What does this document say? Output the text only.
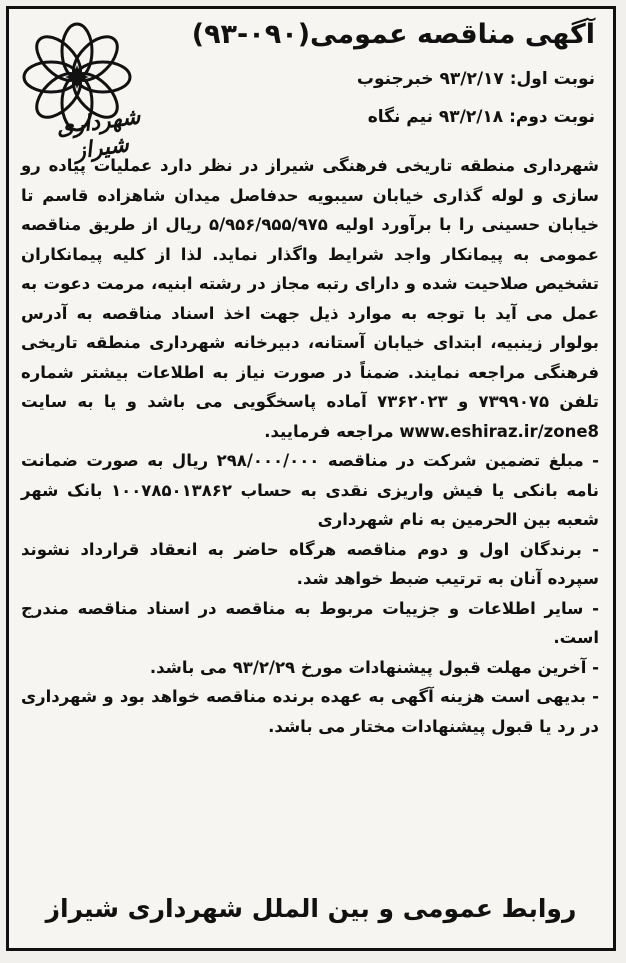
شهرداری شیراز
آگهی مناقصه عمومی(۰۹۰-۹۳)
نوبت اول: ۹۳/۲/۱۷ خبرجنوب
نوبت دوم: ۹۳/۲/۱۸ نیم نگاه

شهرداری منطقه تاریخی فرهنگی شیراز در نظر دارد عملیات پیاده رو سازی و لوله گذاری خیابان سیبویه حدفاصل میدان شاهزاده قاسم تا خیابان حسینی را با برآورد اولیه ۵/۹۵۶/۹۵۵/۹۷۵ ریال از طریق مناقصه عمومی به پیمانکار واجد شرایط واگذار نماید. لذا از کلیه پیمانکاران تشخیص صلاحیت شده و دارای رتبه مجاز در رشته ابنیه، مرمت دعوت به عمل می آید با توجه به موارد ذیل جهت اخذ اسناد مناقصه به آدرس بولوار زینبیه، ابتدای خیابان آستانه، دبیرخانه شهرداری منطقه تاریخی فرهنگی مراجعه نمایند. ضمناً در صورت نیاز به اطلاعات بیشتر شماره تلفن ۷۳۹۹۰۷۵ و ۷۳۶۲۰۲۳ آماده پاسخگویی می باشد و یا به سایت www.eshiraz.ir/zone8 مراجعه فرمایید.

- مبلغ تضمین شرکت در مناقصه ۲۹۸/۰۰۰/۰۰۰ ریال به صورت ضمانت نامه بانکی یا فیش واریزی نقدی به حساب ۱۰۰۷۸۵۰۱۳۸۶۲ بانک شهر شعبه بین الحرمین به نام شهرداری

- برندگان اول و دوم مناقصه هرگاه حاضر به انعقاد قرارداد نشوند سپرده آنان به ترتیب ضبط خواهد شد.

- سایر اطلاعات و جزییات مربوط به مناقصه در اسناد مناقصه مندرج است.

- آخرین مهلت قبول پیشنهادات مورخ ۹۳/۲/۲۹ می باشد.

- بدیهی است هزینه آگهی به عهده برنده مناقصه خواهد بود و شهرداری در رد یا قبول پیشنهادات مختار می باشد.

روابط عمومی و بین الملل شهرداری شیراز
